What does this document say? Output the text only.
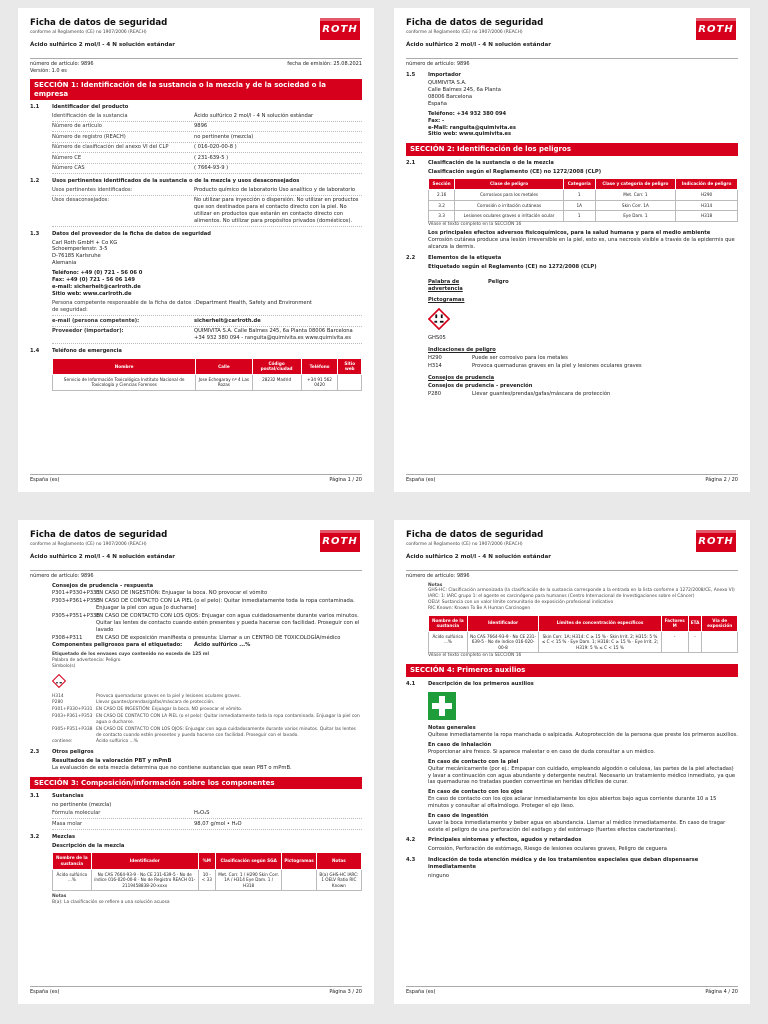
Ficha de datos de seguridad
conforme al Reglamento (CE) no 1907/2006 (REACH)
Ácido sulfúrico 2 mol/l - 4 N solución estándar
ROTH
número de artículo: 9896
Versión: 1.0 es
fecha de emisión: 25.08.2021
SECCIÓN 1: Identificación de la sustancia o la mezcla y de la sociedad o la empresa
1.1	Identificador del producto
Identificación de la sustancia	Ácido sulfúrico 2 mol/l - 4 N solución estándar
Número de artículo	9896
Número de registro (REACH)	no pertinente (mezcla)
Número de clasificación del anexo VI del CLP	( 016-020-00-8 )
Número CE	( 231-639-5 )
Número CAS	( 7664-93-9 )
1.2	Usos pertinentes identificados de la sustancia o de la mezcla y usos desaconsejados
Usos pertinentes identificados:	Producto químico de laboratorio Uso analítico y de laboratorio
Usos desaconsejados:	No utilizar para inyección o dispersión. No utilizar en productos que son destinados para el contacto directo con la piel. No utilizar en productos que estarán en contacto directo con alimentos. No utilizar para propósitos privados (domésticos).
1.3	Datos del proveedor de la ficha de datos de seguridad
Carl Roth GmbH + Co KG
Schoemperlenstr. 3-5
D-76185 Karlsruhe
Alemania
Teléfono: +49 (0) 721 - 56 06 0
Fax: +49 (0) 721 - 56 06 149
e-mail: sicherheit@carlroth.de
Sitio web: www.carlroth.de
Persona competente responsable de la ficha de datos de seguridad:
:Department Health, Safety and Environment
e-mail (persona competente):	sicherheit@carlroth.de
Proveedor (importador):	QUIMIVITA S.A. Calle Balmes 245, 6a Planta 08006 Barcelona +34 932 380 094 - ranguita@quimivita.es www.quimivita.es
1.4	Teléfono de emergencia
Nombre	Calle	Código postal/ciudad	Teléfono	Sitio web
Servicio de Información Toxicológica Instituto Nacional de Toxicología y Ciencias Forenses	Jose Echegaray nº 4 Las Rozas	28232 Madrid	+34 91 562 0420	
España (es)	Página 1 / 20
Ficha de datos de seguridad
conforme al Reglamento (CE) no 1907/2006 (REACH)
Ácido sulfúrico 2 mol/l - 4 N solución estándar
ROTH
número de artículo: 9896
1.5	Importador
QUIMIVITA S.A.
Calle Balmes 245, 6a Planta
08006 Barcelona
España
Teléfono: +34 932 380 094
Fax: -
e-Mail: ranguita@quimivita.es
Sitio web: www.quimivita.es
SECCIÓN 2: Identificación de los peligros
2.1	Clasificación de la sustancia o de la mezcla
Clasificación según el Reglamento (CE) no 1272/2008 (CLP)
Sección	Clase de peligro	Categoría	Clase y categoría de peligro	Indicación de peligro
2.16	Corrosivos para los metales	1	Met. Corr. 1	H290
3.2	Corrosión o irritación cutáneas	1A	Skin Corr. 1A	H314
3.3	Lesiones oculares graves o irritación ocular	1	Eye Dam. 1	H318
Véase el texto completo en la SECCIÓN 16
Los principales efectos adversos fisicoquímicos, para la salud humana y para el medio ambiente
Corrosión cutánea produce una lesión irreversible en la piel, esto es, una necrosis visible a través de la epidermis que alcanza la dermis.
2.2	Elementos de la etiqueta
Etiquetado según el Reglamento (CE) no 1272/2008 (CLP)
Palabra de advertencia
Peligro
Pictogramas
GHS05
Indicaciones de peligro
H290	Puede ser corrosivo para los metales
H314	Provoca quemaduras graves en la piel y lesiones oculares graves
Consejos de prudencia
Consejos de prudencia - prevención
P280	Llevar guantes/prendas/gafas/máscara de protección
España (es)	Página 2 / 20
Ficha de datos de seguridad
conforme al Reglamento (CE) no 1907/2006 (REACH)
Ácido sulfúrico 2 mol/l - 4 N solución estándar
ROTH
número de artículo: 9896
Consejos de prudencia - respuesta
P301+P330+P331
EN CASO DE INGESTIÓN: Enjuagar la boca. NO provocar el vómito
P303+P361+P353
EN CASO DE CONTACTO CON LA PIEL (o el pelo): Quitar inmediatamente toda la ropa contaminada. Enjuagar la piel con agua [o ducharse]
P305+P351+P338
EN CASO DE CONTACTO CON LOS OJOS: Enjuagar con agua cuidadosamente durante varios minutos. Quitar las lentes de contacto cuando estén presentes y pueda hacerse con facilidad. Proseguir con el lavado
P308+P311	EN CASO DE exposición manifiesta o presunta: Llamar a un CENTRO DE TOXICOLOGÍA/médico
Componentes peligrosos para el etiquetado:	Ácido sulfúrico ...%
Etiquetado de los envases cuyo contenido no exceda de 125 ml
Palabra de advertencia: Peligro
Símbolo(s)
H314	Provoca quemaduras graves en la piel y lesiones oculares graves.
P280	Llevar guantes/prendas/gafas/máscara de protección.
P301+P330+P331 EN CASO DE INGESTIÓN: Enjuagar la boca. NO provocar el vómito.
P303+P361+P353 EN CASO DE CONTACTO CON LA PIEL (o el pelo): Quitar inmediatamente toda la ropa contaminada. Enjuagar la piel con agua o ducharse.
P305+P351+P338 EN CASO DE CONTACTO CON LOS OJOS: Enjuagar con agua cuidadosamente durante varios minutos. Quitar las lentes de contacto cuando estén presentes y pueda hacerse con facilidad. Proseguir con el lavado.
contiene:	Ácido sulfúrico ...%
2.3	Otros peligros
Resultados de la valoración PBT y mPmB
La evaluación de esta mezcla determina que no contiene sustancias que sean PBT o mPmB.
SECCIÓN 3: Composición/información sobre los componentes
3.1	Sustancias
no pertinente (mezcla)
Fórmula molecular	H₂O₄S
Masa molar	98,07 g/mol • H₂O
3.2	Mezclas
Descripción de la mezcla
Nombre de la sustancia	Identificador	%M	Clasificación según SGA	Pictogramas	Notas
Ácido sulfúrico ...%	No CAS 7664-93-9 · No CE 231-639-5 · No de índice 016-020-00-8 · No de Registro REACH 01-2119458838-20-xxxx	10 - < 33	Met. Corr. 1 / H290 Skin Corr. 1A / H314 Eye Dam. 1 / H318		B(a) GHS-HC IARC: 1 OELV Ratio RIC Known
Notas
B(a): La clasificación se refiere a una solución acuosa
España (es)	Página 3 / 20
Ficha de datos de seguridad
conforme al Reglamento (CE) no 1907/2006 (REACH)
Ácido sulfúrico 2 mol/l - 4 N solución estándar
ROTH
número de artículo: 9896
Notas
GHS-HC: Clasificación armonizada (la clasificación de la sustancia corresponde a la entrada en la lista conforme a 1272/2008/CE, Anexo VI)
IARC: 1: IARC grupo 1: el agente es carcinógeno para humanos (Centro Internacional de Investigaciones sobre el Cáncer)
OELV: Sustancia con un valor límite comunitario de exposición profesional indicativo
RIC Known: Known To Be A Human Carcinogen
Nombre de la sustancia	Identificador	Límites de concentración específicos	Factores M	ETA	Vía de exposición
Ácido sulfúrico ...%	No CAS 7664-93-9 · No CE 231-639-5 · No de índice 016-020-00-8	Skin Corr. 1A; H314: C ≥ 15 % · Skin Irrit. 2; H315: 5 % ≤ C < 15 % · Eye Dam. 1; H318: C ≥ 15 % · Eye Irrit. 2; H319: 5 % ≤ C < 15 %	-	-	
Véase el texto completo en la SECCIÓN 16
SECCIÓN 4: Primeros auxilios
4.1	Descripción de los primeros auxilios
Notas generales
Quítese inmediatamente la ropa manchada o salpicada. Autoprotección de la persona que preste los primeros auxilios.
En caso de inhalación
Proporcionar aire fresco. Si aparece malestar o en caso de duda consultar a un médico.
En caso de contacto con la piel
Quitar mecánicamente (por ej.: Empapar con cuidado, empleando algodón o celulosa, las partes de la piel afectadas) y lavar a continuación con agua abundante y detergente neutral. Necesario un tratamiento médico inmediato, ya que las quemaduras no tratadas pueden convertirse en heridas difíciles de curar.
En caso de contacto con los ojos
En caso de contacto con los ojos aclarar inmediatamente los ojos abiertos bajo agua corriente durante 10 a 15 minutos y consultar al oftalmólogo. Proteger el ojo ileso.
En caso de ingestión
Lavar la boca inmediatamente y beber agua en abundancia. Llamar al médico inmediatamente. En caso de tragar existe el peligro de una perforación del esófago y del estómago (fuertes efectos cauterizantes).
4.2	Principales síntomas y efectos, agudos y retardados
Corrosión, Perforación de estómago, Riesgo de lesiones oculares graves, Peligro de ceguera
4.3	Indicación de toda atención médica y de los tratamientos especiales que deban dispensarse inmediatamente
ninguno
España (es)	Página 4 / 20
